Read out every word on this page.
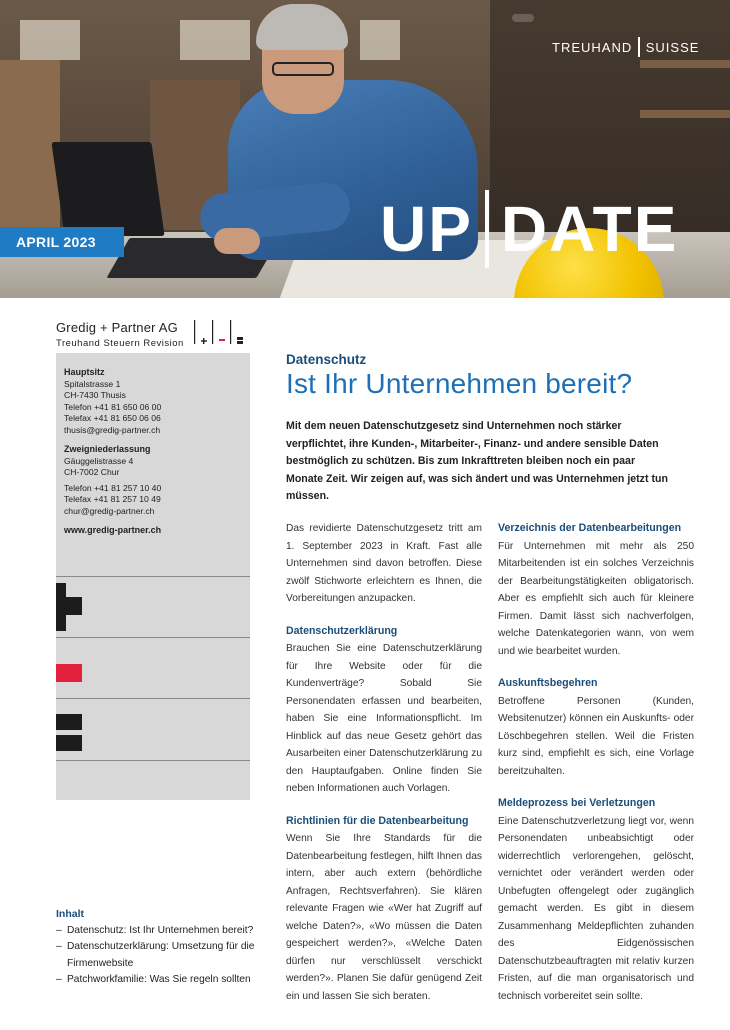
TREUHAND SUISSE
UP DATE
APRIL 2023
Gredig + Partner AG
Treuhand Steuern Revision
Hauptsitz
Spitalstrasse 1
CH-7430 Thusis
Telefon +41 81 650 06 00
Telefax +41 81 650 06 06
thusis@gredig-partner.ch
Zweigniederlassung
Gäuggelistrasse 4
CH-7002 Chur
Telefon +41 81 257 10 40
Telefax +41 81 257 10 49
chur@gredig-partner.ch
www.gredig-partner.ch
Inhalt
– Datenschutz: Ist Ihr Unternehmen bereit?
– Datenschutzerklärung: Umsetzung für die Firmenwebsite
– Patchworkfamilie: Was Sie regeln sollten
Datenschutz
Ist Ihr Unternehmen bereit?
Mit dem neuen Datenschutzgesetz sind Unternehmen noch stärker verpflichtet, ihre Kunden-, Mitarbeiter-, Finanz- und andere sensible Daten bestmöglich zu schützen. Bis zum Inkrafttreten bleiben noch ein paar Monate Zeit. Wir zeigen auf, was sich ändert und was Unternehmen jetzt tun müssen.

Das revidierte Datenschutzgesetz tritt am 1. September 2023 in Kraft. Fast alle Unternehmen sind davon betroffen. Diese zwölf Stichworte erleichtern es Ihnen, die Vorbereitungen anzupacken.

Datenschutzerklärung

Brauchen Sie eine Datenschutzerklärung für Ihre Website oder für die Kundenverträge? Sobald Sie Personendaten erfassen und bearbeiten, haben Sie eine Informationspflicht. Im Hinblick auf das neue Gesetz gehört das Ausarbeiten einer Datenschutzerklärung zu den Hauptaufgaben. Online finden Sie neben Informationen auch Vorlagen.

Richtlinien für die Datenbearbeitung

Wenn Sie Ihre Standards für die Datenbearbeitung festlegen, hilft Ihnen das intern, aber auch extern (behördliche Anfragen, Rechtsverfahren). Sie klären relevante Fragen wie «Wer hat Zugriff auf welche Daten?», «Wo müssen die Daten gespeichert werden?», «Welche Daten dürfen nur verschlüsselt verschickt werden?». Planen Sie dafür genügend Zeit ein und lassen Sie sich beraten.

Verzeichnis der Datenbearbeitungen

Für Unternehmen mit mehr als 250 Mitarbeitenden ist ein solches Verzeichnis der Bearbeitungstätigkeiten obligatorisch. Aber es empfiehlt sich auch für kleinere Firmen. Damit lässt sich nachverfolgen, welche Datenkategorien wann, von wem und wie bearbeitet wurden.

Auskunftsbegehren

Betroffene Personen (Kunden, Websitenutzer) können ein Auskunfts- oder Löschbegehren stellen. Weil die Fristen kurz sind, empfiehlt es sich, eine Vorlage bereitzuhalten.

Meldeprozess bei Verletzungen

Eine Datenschutzverletzung liegt vor, wenn Personendaten unbeabsichtigt oder widerrechtlich verlorengehen, gelöscht, vernichtet oder verändert werden oder Unbefugten offengelegt oder zugänglich gemacht werden. Es gibt in diesem Zusammenhang Meldepflichten zuhanden des Eidgenössischen Datenschutzbeauftragten mit relativ kurzen Fristen, auf die man organisatorisch und technisch vorbereitet sein sollte.
